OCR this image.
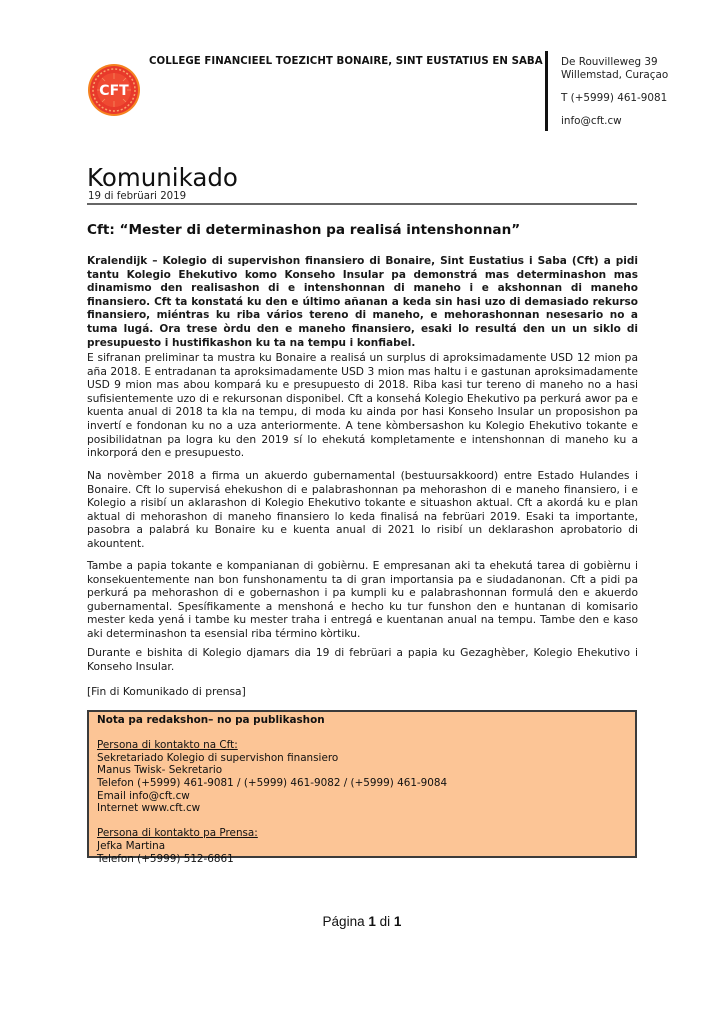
CFT
COLLEGE FINANCIEEL TOEZICHT BONAIRE, SINT EUSTATIUS EN SABA De Rouvilleweg 39
Willemstad, Curaçao
T (+5999) 461-9081
info@cft.cw
Komunikado
19 di febrüari 2019
Cft: “Mester di determinashon pa realisá intenshonnan”

Kralendijk – Kolegio di supervishon finansiero di Bonaire, Sint Eustatius i Saba (Cft) a pidi tantu Kolegio Ehekutivo komo Konseho Insular pa demonstrá mas determinashon mas dinamismo den realisashon di e intenshonnan di maneho i e akshonnan di maneho finansiero. Cft ta konstatá ku den e último añanan a keda sin hasi uzo di demasiado rekurso finansiero, miéntras ku riba vários tereno di maneho, e mehorashonnan nesesario no a tuma lugá. Ora trese òrdu den e maneho finansiero, esaki lo resultá den un un siklo di presupuesto i hustifikashon ku ta na tempu i konfiabel.

E sifranan preliminar ta mustra ku Bonaire a realisá un surplus di aproksimadamente USD 12 mion pa aña 2018. E entradanan ta aproksimadamente USD 3 mion mas haltu i e gastunan aproksimadamente USD 9 mion mas abou kompará ku e presupuesto di 2018. Riba kasi tur tereno di maneho no a hasi sufisientemente uzo di e rekursonan disponibel. Cft a konsehá Kolegio Ehekutivo pa perkurá awor pa e kuenta anual di 2018 ta kla na tempu, di moda ku ainda por hasi Konseho Insular un proposishon pa invertí e fondonan ku no a uza anteriormente. A tene kòmbersashon ku Kolegio Ehekutivo tokante e posibilidatnan pa logra ku den 2019 sí lo ehekutá kompletamente e intenshonnan di maneho ku a inkorporá den e presupuesto.

Na novèmber 2018 a firma un akuerdo gubernamental (bestuursakkoord) entre Estado Hulandes i Bonaire. Cft lo supervisá ehekushon di e palabrashonnan pa mehorashon di e maneho finansiero, i e Kolegio a risibí un aklarashon di Kolegio Ehekutivo tokante e situashon aktual. Cft a akordá ku e plan aktual di mehorashon di maneho finansiero lo keda finalisá na febrüari 2019. Esaki ta importante, pasobra a palabrá ku Bonaire ku e kuenta anual di 2021 lo risibí un deklarashon aprobatorio di akountent.

Tambe a papia tokante e kompanianan di gobièrnu. E empresanan aki ta ehekutá tarea di gobièrnu i konsekuentemente nan bon funshonamentu ta di gran importansia pa e siudadanonan. Cft a pidi pa perkurá pa mehorashon di e gobernashon i pa kumpli ku e palabrashonnan formulá den e akuerdo gubernamental. Spesífikamente a menshoná e hecho ku tur funshon den e huntanan di komisario mester keda yená i tambe ku mester traha i entregá e kuentanan anual na tempu. Tambe den e kaso aki determinashon ta esensial riba término kòrtiku.

Durante e bishita di Kolegio djamars dia 19 di febrüari a papia ku Gezaghèber, Kolegio Ehekutivo i Konseho Insular.

[Fin di Komunikado di prensa]

Nota pa redakshon– no pa publikashon
Persona di kontakto na Cft:
Sekretariado Kolegio di supervishon finansiero
Manus Twisk- Sekretario
Telefon (+5999) 461-9081 / (+5999) 461-9082 / (+5999) 461-9084
Email info@cft.cw
Internet www.cft.cw
Persona di kontakto pa Prensa:
Jefka Martina
Telefon (+5999) 512-6861
Página 1 di 1
